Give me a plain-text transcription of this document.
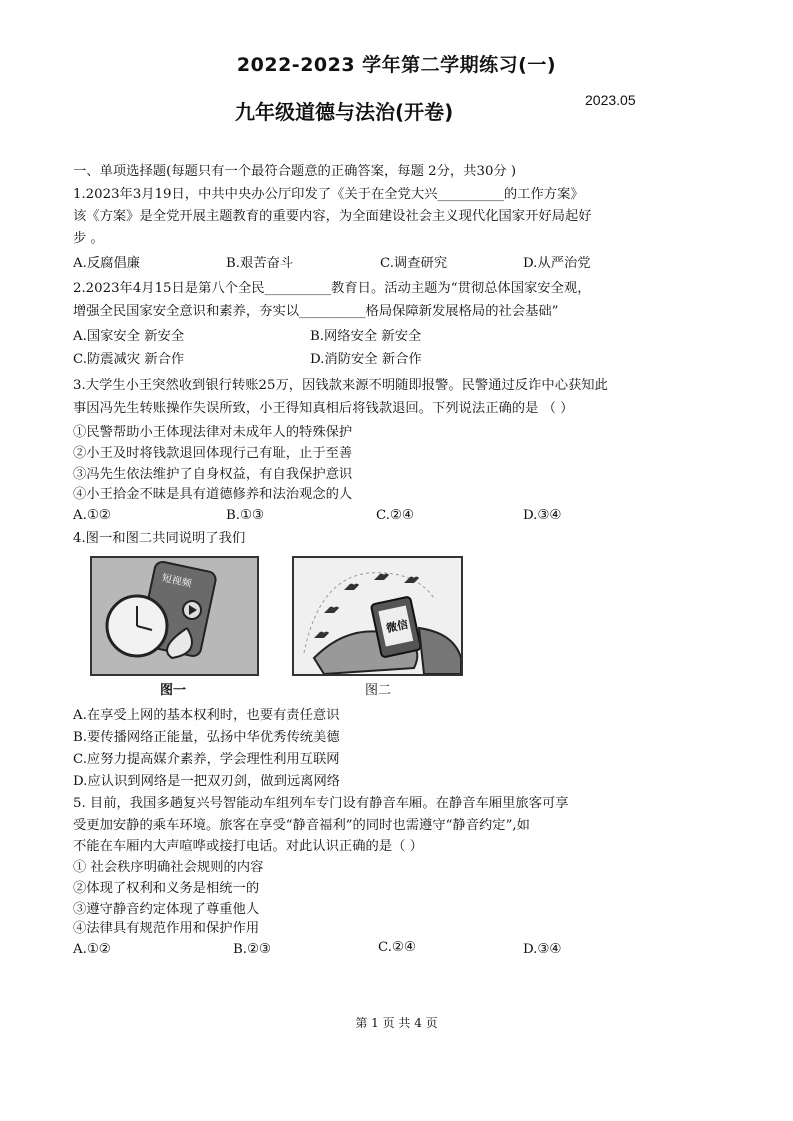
2022-2023 学年第二学期练习(一)
九年级道德与法治(开卷)	2023.05
一、单项选择题(每题只有一个最符合题意的正确答案，每题 2分，共30分 )
1.2023年3月19日，中共中央办公厅印发了《关于在全党大兴__________的工作方案》
该《方案》是全党开展主题教育的重要内容，为全面建设社会主义现代化国家开好局起好
步 。
A.反腐倡廉	B.艰苦奋斗	C.调查研究	D.从严治党
2.2023年4月15日是第八个全民__________教育日。活动主题为“贯彻总体国家安全观，
增强全民国家安全意识和素养，夯实以__________格局保障新发展格局的社会基础”
A.国家安全 新安全	B.网络安全 新安全
C.防震减灾 新合作	D.消防安全 新合作
3.大学生小王突然收到银行转账25万，因钱款来源不明随即报警。民警通过反诈中心获知此
事因冯先生转账操作失误所致，小王得知真相后将钱款退回。下列说法正确的是 （ ）
①民警帮助小王体现法律对未成年人的特殊保护
②小王及时将钱款退回体现行己有耻，止于至善
③冯先生依法维护了自身权益，有自我保护意识
④小王拾金不昧是具有道德修养和法治观念的人
A.①②	B.①③	C.②④	D.③④
4.图一和图二共同说明了我们
短视频
图一
微信
图二
A.在享受上网的基本权利时，也要有责任意识
B.要传播网络正能量，弘扬中华优秀传统美德
C.应努力提高媒介素养，学会理性利用互联网
D.应认识到网络是一把双刃剑，做到远离网络
5. 目前，我国多趟复兴号智能动车组列车专门设有静音车厢。在静音车厢里旅客可享
受更加安静的乘车环境。旅客在享受“静音福利”的同时也需遵守“静音约定”,如
不能在车厢内大声喧哗或接打电话。对此认识正确的是（ ）
① 社会秩序明确社会规则的内容
②体现了权利和义务是相统一的
③遵守静音约定体现了尊重他人
④法律具有规范作用和保护作用
A.①②	B.②③	C.②④	D.③④
第 1 页 共 4 页
